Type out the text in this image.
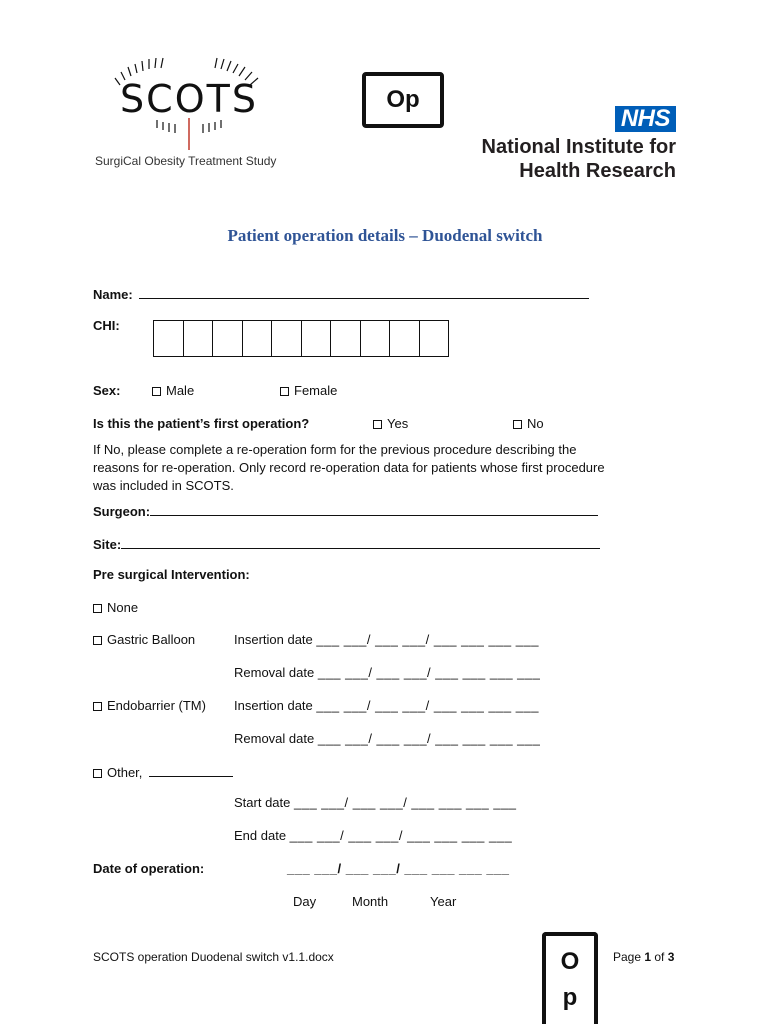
SCOTS
SurgiCal Obesity Treatment Study
Op
NHS
National Institute for
Health Research
Patient operation details – Duodenal switch
Name:
CHI:
Sex:	Male	Female
Is this the patient’s first operation?	Yes	No
If No, please complete a re-operation form for the previous procedure describing the
reasons for re-operation. Only record re-operation data for patients whose first procedure
was included in SCOTS.
Surgeon:
Site:
Pre surgical Intervention:
None
Gastric Balloon	Insertion date ___ ___/ ___ ___/ ___ ___ ___ ___
Removal date ___ ___/ ___ ___/ ___ ___ ___ ___
Endobarrier (TM) Insertion date ___ ___/ ___ ___/ ___ ___ ___ ___
Removal date ___ ___/ ___ ___/ ___ ___ ___ ___
Other,
Start date ___ ___/ ___ ___/ ___ ___ ___ ___
End date ___ ___/ ___ ___/ ___ ___ ___ ___
Date of operation:	___ ___/ ___ ___/ ___ ___ ___ ___
Day	Month	Year
SCOTS operation Duodenal switch v1.1.docx	O
p
Page 1 of 3
